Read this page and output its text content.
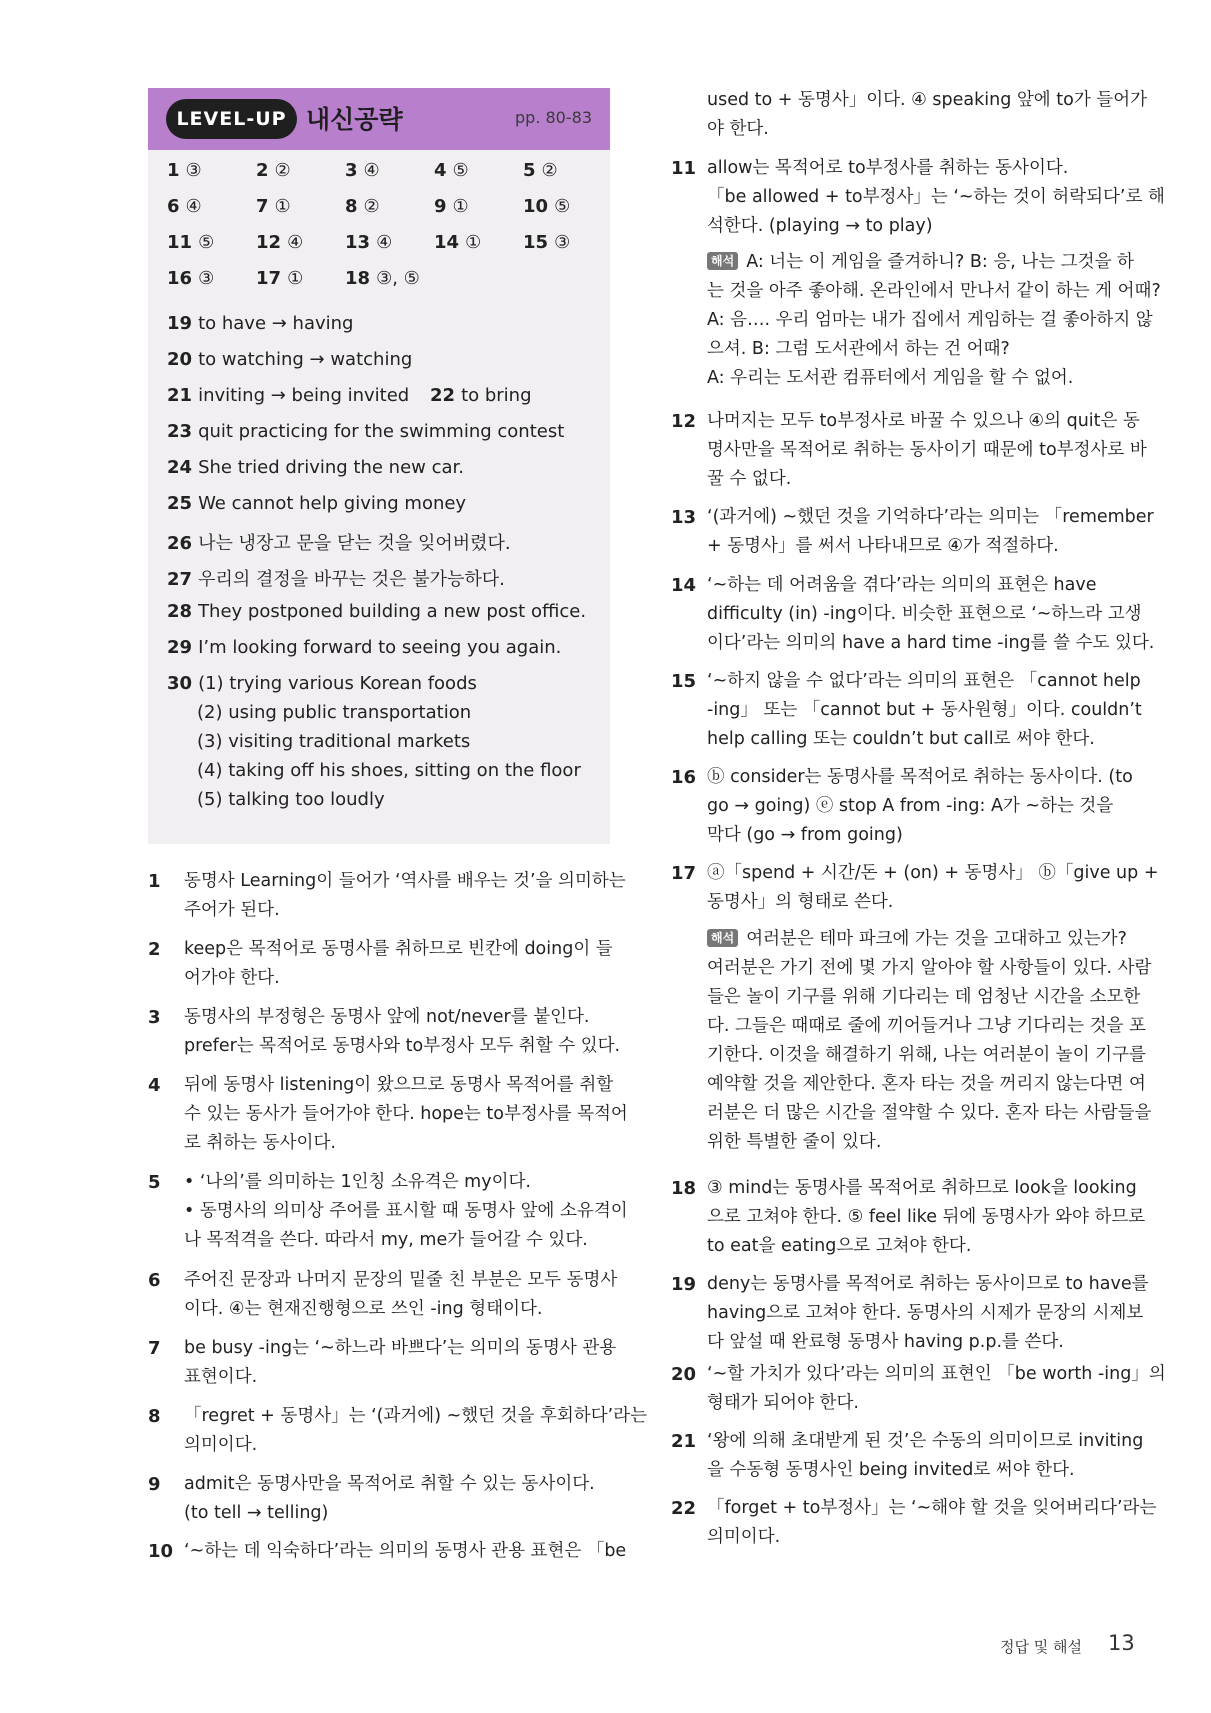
LEVEL-UP 내신공략	pp. 80-83
1 ③	2 ②	3 ④	4 ⑤	5 ②
6 ④	7 ①	8 ②	9 ①	10 ⑤
11 ⑤ 12 ④ 13 ④ 14 ① 15 ③
16 ③ 17 ① 18 ③, ⑤
19 to have → having
20 to watching → watching
21 inviting → being invited 22 to bring
23 quit practicing for the swimming contest
24 She tried driving the new car.
25 We cannot help giving money
26 나는 냉장고 문을 닫는 것을 잊어버렸다.
27 우리의 결정을 바꾸는 것은 불가능하다.
28 They postponed building a new post office.
29 I’m looking forward to seeing you again.
30 (1) trying various Korean foods
(2) using public transportation
(3) visiting traditional markets
(4) taking off his shoes, sitting on the floor
(5) talking too loudly
1 동명사 Learning이 들어가 ‘역사를 배우는 것’을 의미하는
주어가 된다.
2 keep은 목적어로 동명사를 취하므로 빈칸에 doing이 들
어가야 한다.
3 동명사의 부정형은 동명사 앞에 not/never를 붙인다.
prefer는 목적어로 동명사와 to부정사 모두 취할 수 있다.
4 뒤에 동명사 listening이 왔으므로 동명사 목적어를 취할
수 있는 동사가 들어가야 한다. hope는 to부정사를 목적어
로 취하는 동사이다.
5 • ‘나의’를 의미하는 1인칭 소유격은 my이다.
• 동명사의 의미상 주어를 표시할 때 동명사 앞에 소유격이
나 목적격을 쓴다. 따라서 my, me가 들어갈 수 있다.
6 주어진 문장과 나머지 문장의 밑줄 친 부분은 모두 동명사
이다. ④는 현재진행형으로 쓰인 -ing 형태이다.
7 be busy -ing는 ‘~하느라 바쁘다’는 의미의 동명사 관용
표현이다.
8 「regret + 동명사」는 ‘(과거에) ~했던 것을 후회하다’라는
의미이다.
9 admit은 동명사만을 목적어로 취할 수 있는 동사이다.
(to tell → telling)
10 ‘~하는 데 익숙하다’라는 의미의 동명사 관용 표현은 「be
used to + 동명사」이다. ④ speaking 앞에 to가 들어가
야 한다.
11 allow는 목적어로 to부정사를 취하는 동사이다.
「be allowed + to부정사」는 ‘~하는 것이 허락되다’로 해
석한다. (playing → to play)
해석 A: 너는 이 게임을 즐겨하니? B: 응, 나는 그것을 하
는 것을 아주 좋아해. 온라인에서 만나서 같이 하는 게 어때?
A: 음…. 우리 엄마는 내가 집에서 게임하는 걸 좋아하지 않
으셔. B: 그럼 도서관에서 하는 건 어때?
A: 우리는 도서관 컴퓨터에서 게임을 할 수 없어.
12 나머지는 모두 to부정사로 바꿀 수 있으나 ④의 quit은 동
명사만을 목적어로 취하는 동사이기 때문에 to부정사로 바
꿀 수 없다.
13 ‘(과거에) ~했던 것을 기억하다’라는 의미는 「remember
+ 동명사」를 써서 나타내므로 ④가 적절하다.
14 ‘~하는 데 어려움을 겪다’라는 의미의 표현은 have
difficulty (in) -ing이다. 비슷한 표현으로 ‘~하느라 고생
이다’라는 의미의 have a hard time -ing를 쓸 수도 있다.
15 ‘~하지 않을 수 없다’라는 의미의 표현은 「cannot help
-ing」 또는 「cannot but + 동사원형」이다. couldn’t
help calling 또는 couldn’t but call로 써야 한다.
16 ⓑ consider는 동명사를 목적어로 취하는 동사이다. (to
go → going) ⓔ stop A from -ing: A가 ~하는 것을
막다 (go → from going)
17 ⓐ「spend + 시간/돈 + (on) + 동명사」 ⓑ「give up +
동명사」의 형태로 쓴다.
해석 여러분은 테마 파크에 가는 것을 고대하고 있는가?
여러분은 가기 전에 몇 가지 알아야 할 사항들이 있다. 사람
들은 놀이 기구를 위해 기다리는 데 엄청난 시간을 소모한
다. 그들은 때때로 줄에 끼어들거나 그냥 기다리는 것을 포
기한다. 이것을 해결하기 위해, 나는 여러분이 놀이 기구를
예약할 것을 제안한다. 혼자 타는 것을 꺼리지 않는다면 여
러분은 더 많은 시간을 절약할 수 있다. 혼자 타는 사람들을
위한 특별한 줄이 있다.
18 ③ mind는 동명사를 목적어로 취하므로 look을 looking
으로 고쳐야 한다. ⑤ feel like 뒤에 동명사가 와야 하므로
to eat을 eating으로 고쳐야 한다.
19 deny는 동명사를 목적어로 취하는 동사이므로 to have를
having으로 고쳐야 한다. 동명사의 시제가 문장의 시제보
다 앞설 때 완료형 동명사 having p.p.를 쓴다.
20 ‘~할 가치가 있다’라는 의미의 표현인 「be worth -ing」의
형태가 되어야 한다.
21 ‘왕에 의해 초대받게 된 것’은 수동의 의미이므로 inviting
을 수동형 동명사인 being invited로 써야 한다.
22 「forget + to부정사」는 ‘~해야 할 것을 잊어버리다’라는
의미이다.
정답 및 해설 13
